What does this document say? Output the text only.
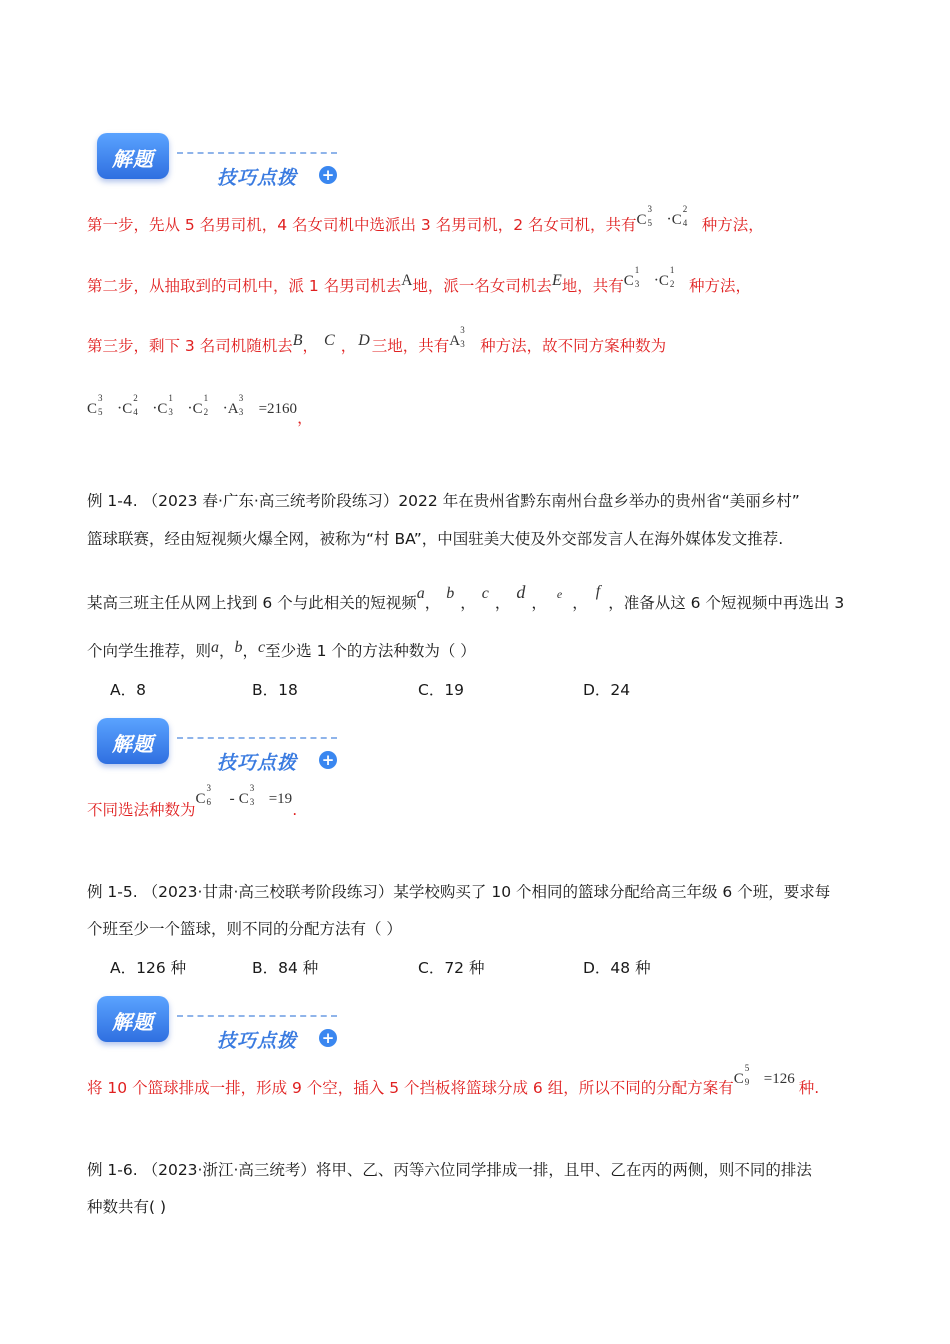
解题
技巧点拨 +
第一步，先从 5 名男司机，4 名女司机中选派出 3 名男司机，2 名女司机，共有C
3
5 ·C
2
4 种方法，
第二步，从抽取到的司机中，派 1 名男司机去A地，派一名女司机去E地，共有C
1
3 ·C
1
2 种方法，
第三步，剩下 3 名司机随机去B， C ， D 三地，共有A
3
3 种方法，故不同方案种数为
C
3
5 ·C
2
4 ·C
1
3 ·C
1
2 ·A
3
3 =2160，
例 1-4. （2023 春·广东·高三统考阶段练习）2022 年在贵州省黔东南州台盘乡举办的贵州省“美丽乡村”
篮球联赛，经由短视频火爆全网，被称为“村 BA”，中国驻美大使及外交部发言人在海外媒体发文推荐.
某高三班主任从网上找到 6 个与此相关的短视频a，b，c，d， $^e$ ，f，准备从这 6 个短视频中再选出 3
个向学生推荐，则a，b，c至少选 1 个的方法种数为（ ）
A．8	B．18	C．19	D．24
解题
技巧点拨 +
不同选法种数为C
3
6 - C
3
3 =19.
例 1-5. （2023·甘肃·高三校联考阶段练习）某学校购买了 10 个相同的篮球分配给高三年级 6 个班，要求每
个班至少一个篮球，则不同的分配方法有（ ）
A．126 种	B．84 种	C．72 种	D．48 种
解题
技巧点拨 +
将 10 个篮球排成一排，形成 9 个空，插入 5 个挡板将篮球分成 6 组，所以不同的分配方案有C
5
9 =126 种.
例 1-6. （2023·浙江·高三统考）将甲、乙、丙等六位同学排成一排，且甲、乙在丙的两侧，则不同的排法
种数共有( )
